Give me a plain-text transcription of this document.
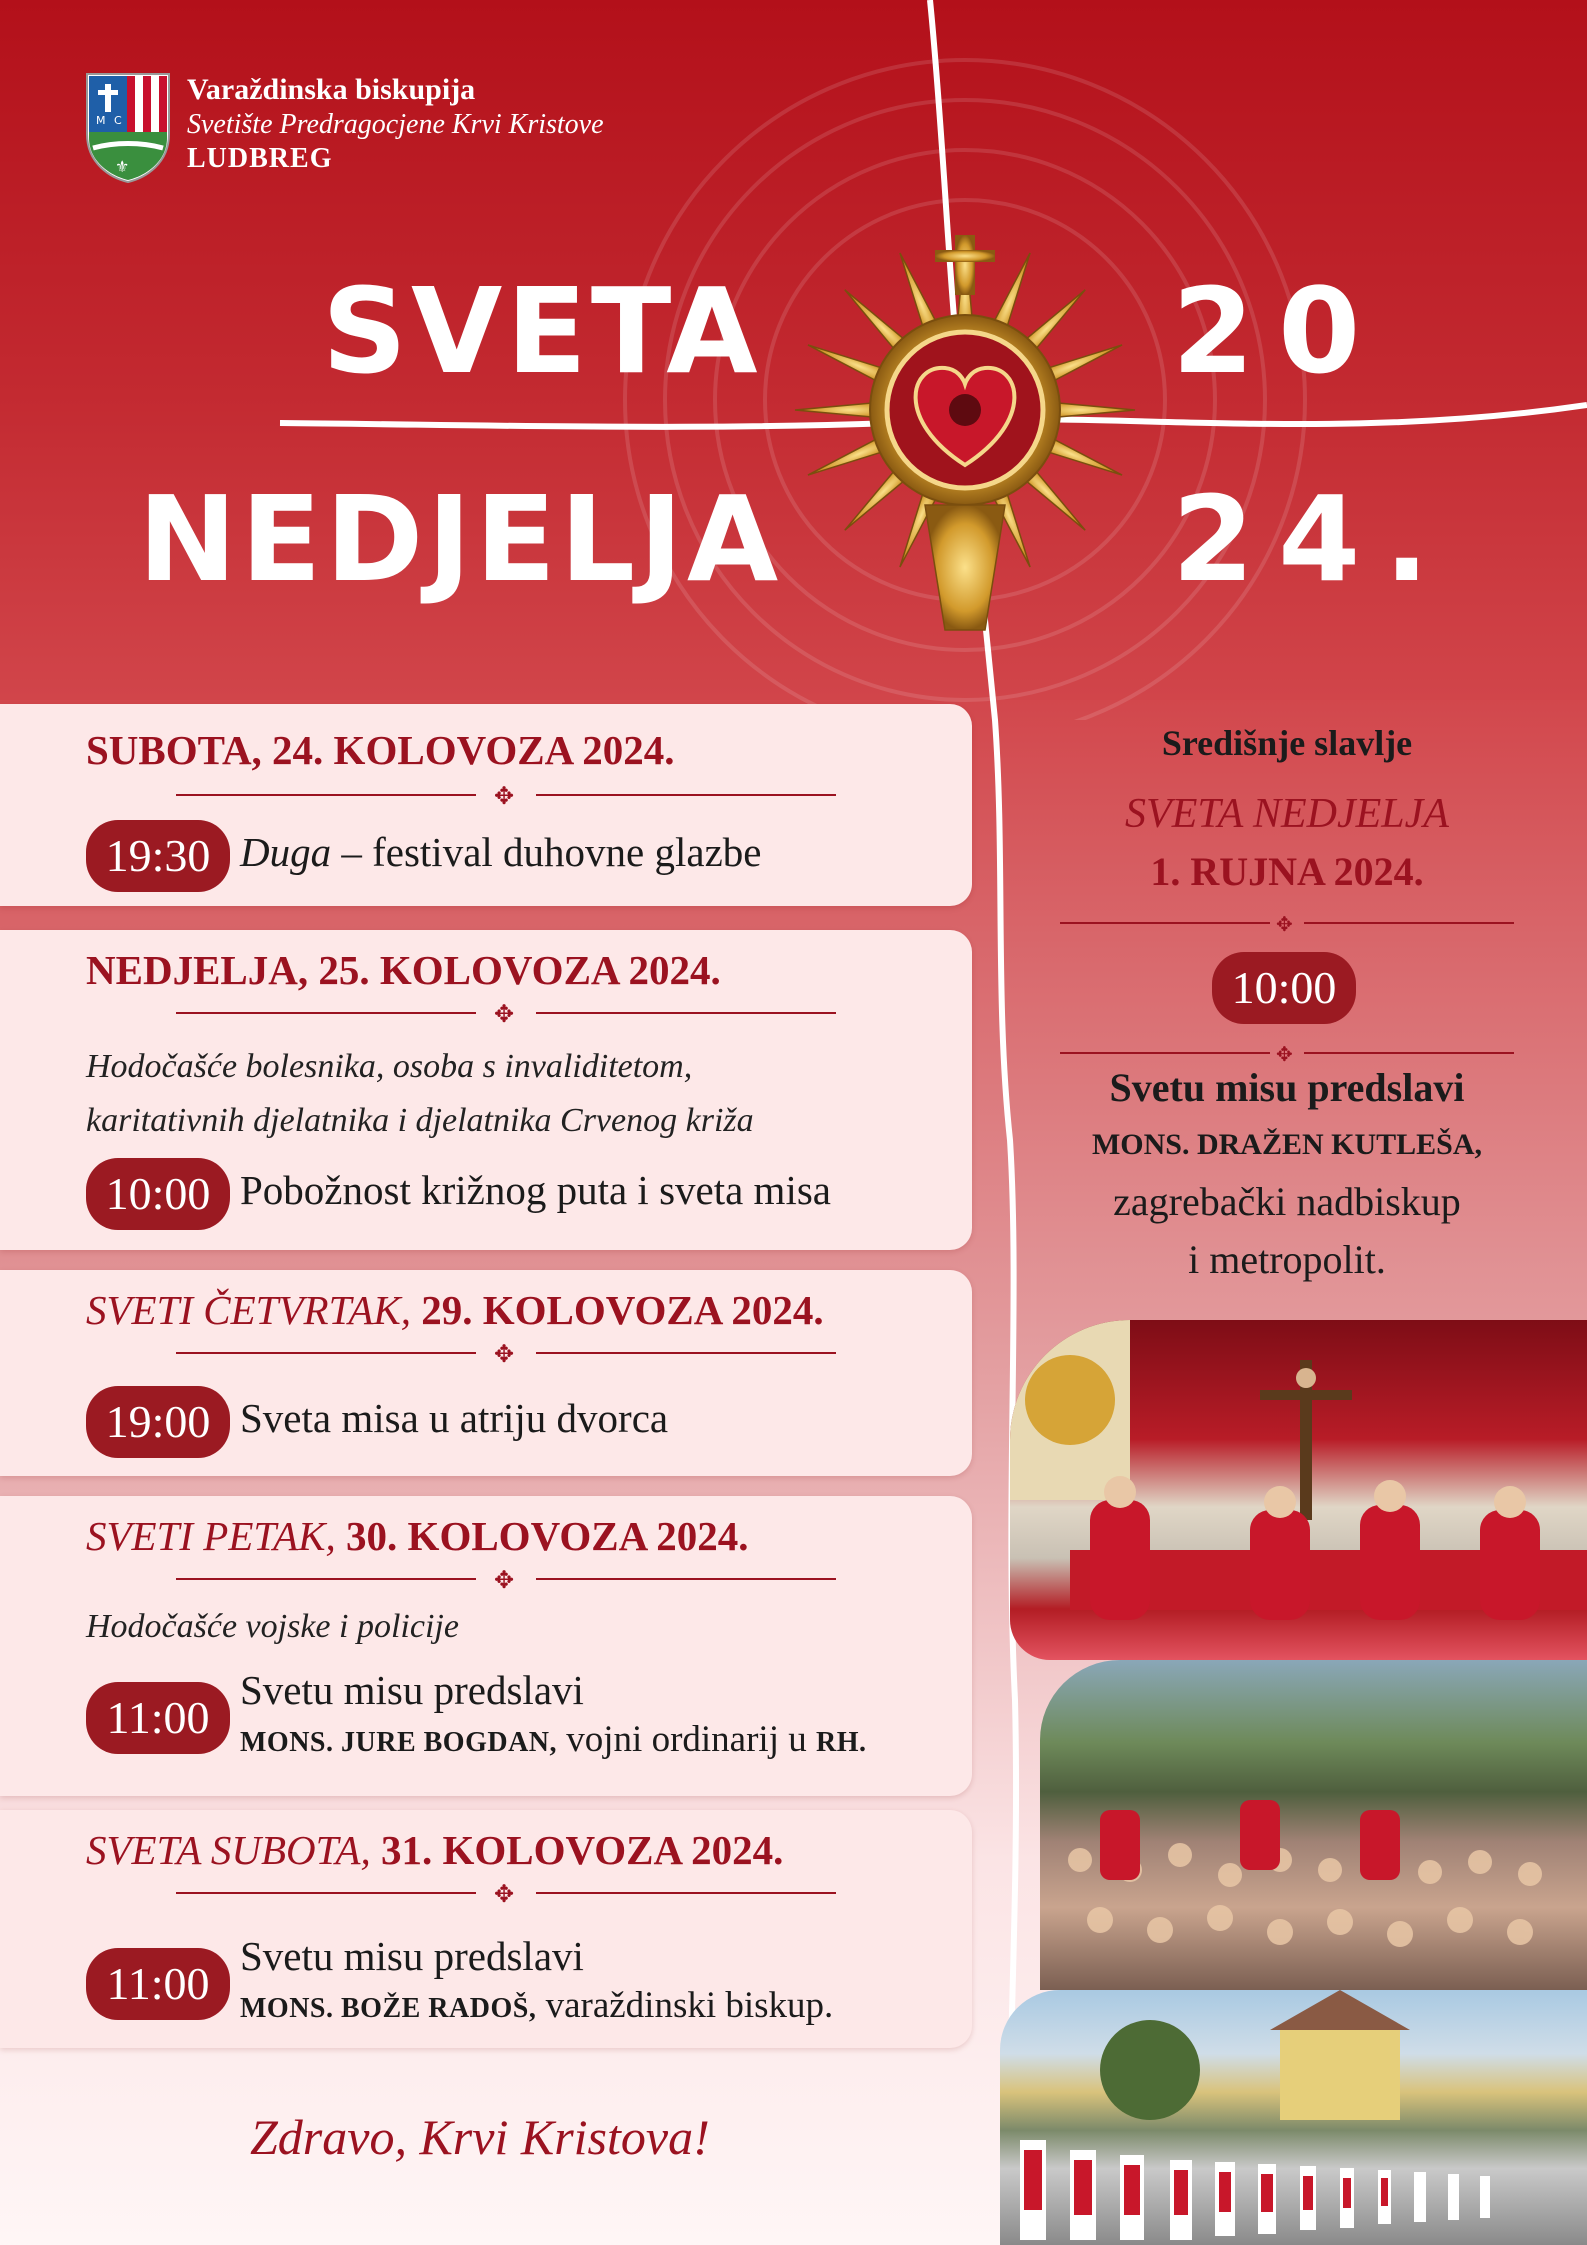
M C
⚜
Varaždinska biskupija
Svetište Predragocjene Krvi Kristove
LUDBREG
SVETA
NEDJELJA
20
24.
SUBOTA, 24. KOLOVOZA 2024.
✥
19:30 Duga – festival duhovne glazbe
NEDJELJA, 25. KOLOVOZA 2024.
✥
Hodočašće bolesnika, osoba s invaliditetom,
karitativnih djelatnika i djelatnika Crvenog križa
10:00 Pobožnost križnog puta i sveta misa
SVETI ČETVRTAK, 29. KOLOVOZA 2024.
✥
19:00 Sveta misa u atriju dvorca
SVETI PETAK, 30. KOLOVOZA 2024.
✥
Hodočašće vojske i policije
11:00
Svetu misu predslavi
MONS. JURE BOGDAN, vojni ordinarij u RH.
SVETA SUBOTA, 31. KOLOVOZA 2024.
✥
11:00
Svetu misu predslavi
MONS. BOŽE RADOŠ, varaždinski biskup.
Središnje slavlje
SVETA NEDJELJA
1. RUJNA 2024.
✥
10:00
✥
Svetu misu predslavi
MONS. DRAŽEN KUTLEŠA,
zagrebački nadbiskup
i metropolit.
Zdravo, Krvi Kristova!
